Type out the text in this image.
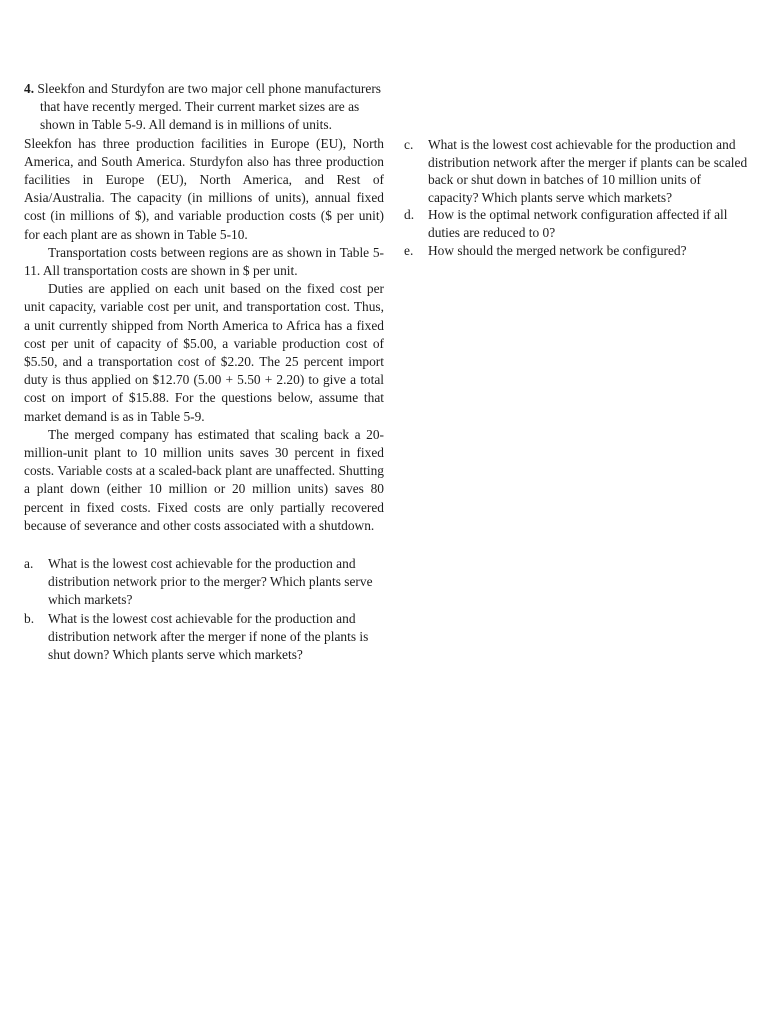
4. Sleekfon and Sturdyfon are two major cell phone manufacturers that have recently merged. Their current market sizes are as shown in Table 5-9. All demand is in millions of units.

Sleekfon has three production facilities in Europe (EU), North America, and South America. Sturdyfon also has three production facilities in Europe (EU), North America, and Rest of Asia/Australia. The capacity (in millions of units), annual fixed cost (in millions of $), and variable production costs ($ per unit) for each plant are as shown in Table 5-10.

Transportation costs between regions are as shown in Table 5-11. All transportation costs are shown in $ per unit.

Duties are applied on each unit based on the fixed cost per unit capacity, variable cost per unit, and transportation cost. Thus, a unit currently shipped from North America to Africa has a fixed cost per unit of capacity of $5.00, a variable production cost of $5.50, and a transportation cost of $2.20. The 25 percent import duty is thus applied on $12.70 (5.00 + 5.50 + 2.20) to give a total cost on import of $15.88. For the questions below, assume that market demand is as in Table 5-9.

The merged company has estimated that scaling back a 20-million-unit plant to 10 million units saves 30 percent in fixed costs. Variable costs at a scaled-back plant are unaffected. Shutting a plant down (either 10 million or 20 million units) saves 80 percent in fixed costs. Fixed costs are only partially recovered because of severance and other costs associated with a shutdown.

a. What is the lowest cost achievable for the production and distribution network prior to the merger? Which plants serve which markets?

b. What is the lowest cost achievable for the production and distribution network after the merger if none of the plants is shut down? Which plants serve which markets?

c. What is the lowest cost achievable for the production and distribution network after the merger if plants can be scaled back or shut down in batches of 10 million units of capacity? Which plants serve which markets?

d. How is the optimal network configuration affected if all duties are reduced to 0?

e. How should the merged network be configured?
